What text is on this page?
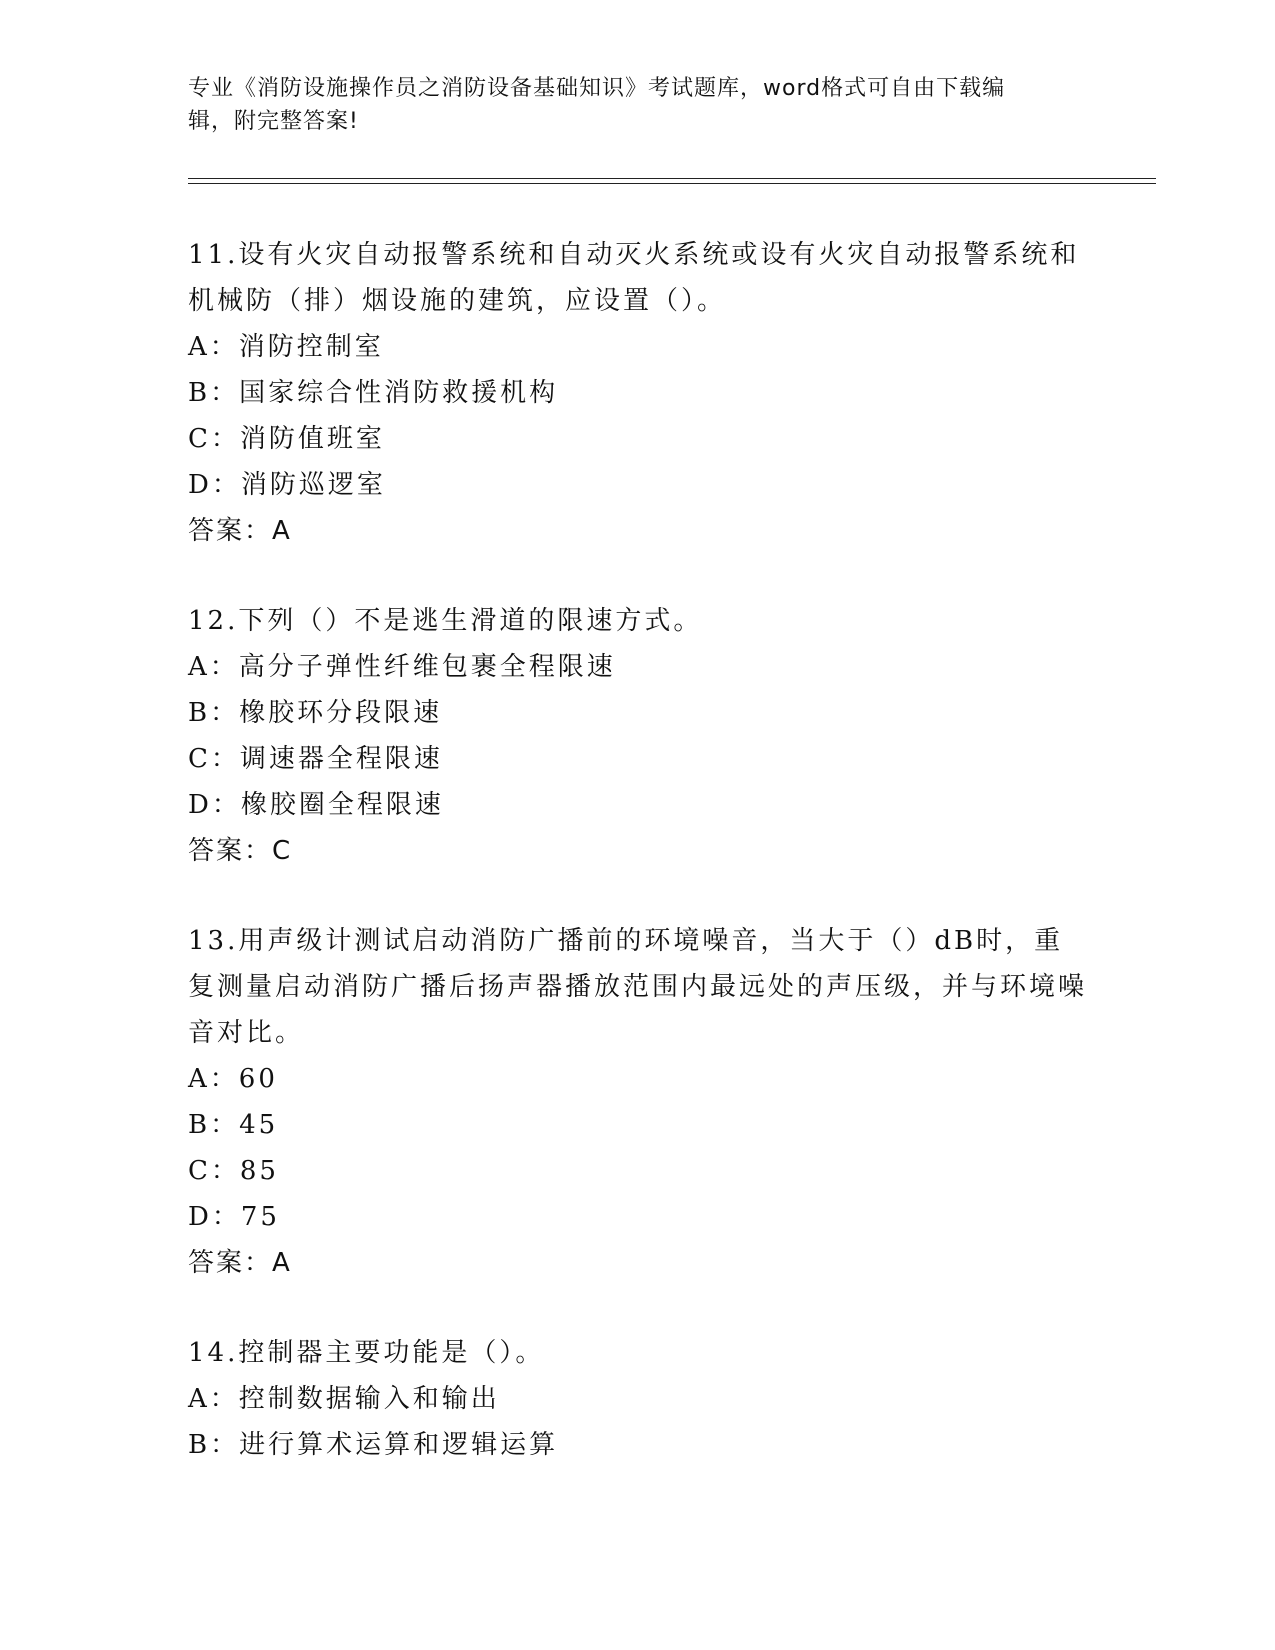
专业《消防设施操作员之消防设备基础知识》考试题库，word格式可自由下载编
辑，附完整答案!

11.设有火灾自动报警系统和自动灭火系统或设有火灾自动报警系统和机械防（排）烟设施的建筑，应设置（）。

A：消防控制室

B：国家综合性消防救援机构

C：消防值班室

D：消防巡逻室

答案：A

12.下列（）不是逃生滑道的限速方式。

A：高分子弹性纤维包裹全程限速

B：橡胶环分段限速

C：调速器全程限速

D：橡胶圈全程限速

答案：C

13.用声级计测试启动消防广播前的环境噪音，当大于（）dB时，重复测量启动消防广播后扬声器播放范围内最远处的声压级，并与环境噪音对比。

A：60

B：45

C：85

D：75

答案：A

14.控制器主要功能是（）。

A：控制数据输入和输出

B：进行算术运算和逻辑运算
